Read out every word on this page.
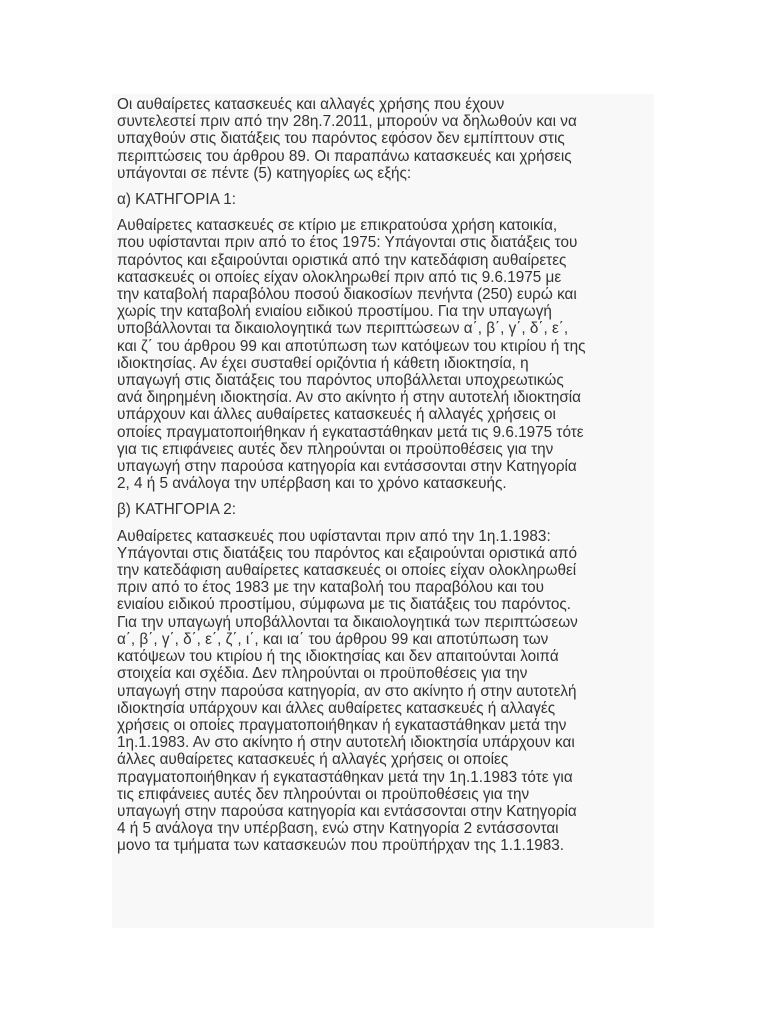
Οι αυθαίρετες κατασκευές και αλλαγές χρήσης που έχουν
συντελεστεί πριν από την 28η.7.2011, μπορούν να δηλωθούν και να
υπαχθούν στις διατάξεις του παρόντος εφόσον δεν εμπίπτουν στις
περιπτώσεις του άρθρου 89. Οι παραπάνω κατασκευές και χρήσεις
υπάγονται σε πέντε (5) κατηγορίες ως εξής:

α) ΚΑΤΗΓΟΡΙΑ 1:

Αυθαίρετες κατασκευές σε κτίριο με επικρατούσα χρήση κατοικία,
που υφίστανται πριν από το έτος 1975: Υπάγονται στις διατάξεις του
παρόντος και εξαιρούνται οριστικά από την κατεδάφιση αυθαίρετες
κατασκευές οι οποίες είχαν ολοκληρωθεί πριν από τις 9.6.1975 με
την καταβολή παραβόλου ποσού διακοσίων πενήντα (250) ευρώ και
χωρίς την καταβολή ενιαίου ειδικού προστίμου. Για την υπαγωγή
υποβάλλονται τα δικαιολογητικά των περιπτώσεων α΄, β΄, γ΄, δ΄, ε΄,
και ζ΄ του άρθρου 99 και αποτύπωση των κατόψεων του κτιρίου ή της
ιδιοκτησίας. Αν έχει συσταθεί οριζόντια ή κάθετη ιδιοκτησία, η
υπαγωγή στις διατάξεις του παρόντος υποβάλλεται υποχρεωτικώς
ανά διηρημένη ιδιοκτησία. Αν στο ακίνητο ή στην αυτοτελή ιδιοκτησία
υπάρχουν και άλλες αυθαίρετες κατασκευές ή αλλαγές χρήσεις οι
οποίες πραγματοποιήθηκαν ή εγκαταστάθηκαν μετά τις 9.6.1975 τότε
για τις επιφάνειες αυτές δεν πληρούνται οι προϋποθέσεις για την
υπαγωγή στην παρούσα κατηγορία και εντάσσονται στην Κατηγορία
2, 4 ή 5 ανάλογα την υπέρβαση και το χρόνο κατασκευής.

β) ΚΑΤΗΓΟΡΙΑ 2:

Αυθαίρετες κατασκευές που υφίστανται πριν από την 1η.1.1983:
Υπάγονται στις διατάξεις του παρόντος και εξαιρούνται οριστικά από
την κατεδάφιση αυθαίρετες κατασκευές οι οποίες είχαν ολοκληρωθεί
πριν από το έτος 1983 με την καταβολή του παραβόλου και του
ενιαίου ειδικού προστίμου, σύμφωνα με τις διατάξεις του παρόντος.
Για την υπαγωγή υποβάλλονται τα δικαιολογητικά των περιπτώσεων
α΄, β΄, γ΄, δ΄, ε΄, ζ΄, ι΄, και ια΄ του άρθρου 99 και αποτύπωση των
κατόψεων του κτιρίου ή της ιδιοκτησίας και δεν απαιτούνται λοιπά
στοιχεία και σχέδια. Δεν πληρούνται οι προϋποθέσεις για την
υπαγωγή στην παρούσα κατηγορία, αν στο ακίνητο ή στην αυτοτελή
ιδιοκτησία υπάρχουν και άλλες αυθαίρετες κατασκευές ή αλλαγές
χρήσεις οι οποίες πραγματοποιήθηκαν ή εγκαταστάθηκαν μετά την
1η.1.1983. Αν στο ακίνητο ή στην αυτοτελή ιδιοκτησία υπάρχουν και
άλλες αυθαίρετες κατασκευές ή αλλαγές χρήσεις οι οποίες
πραγματοποιήθηκαν ή εγκαταστάθηκαν μετά την 1η.1.1983 τότε για
τις επιφάνειες αυτές δεν πληρούνται οι προϋποθέσεις για την
υπαγωγή στην παρούσα κατηγορία και εντάσσονται στην Κατηγορία
4 ή 5 ανάλογα την υπέρβαση, ενώ στην Κατηγορία 2 εντάσσονται
μονο τα τμήματα των κατασκευών που προϋπήρχαν της 1.1.1983.
